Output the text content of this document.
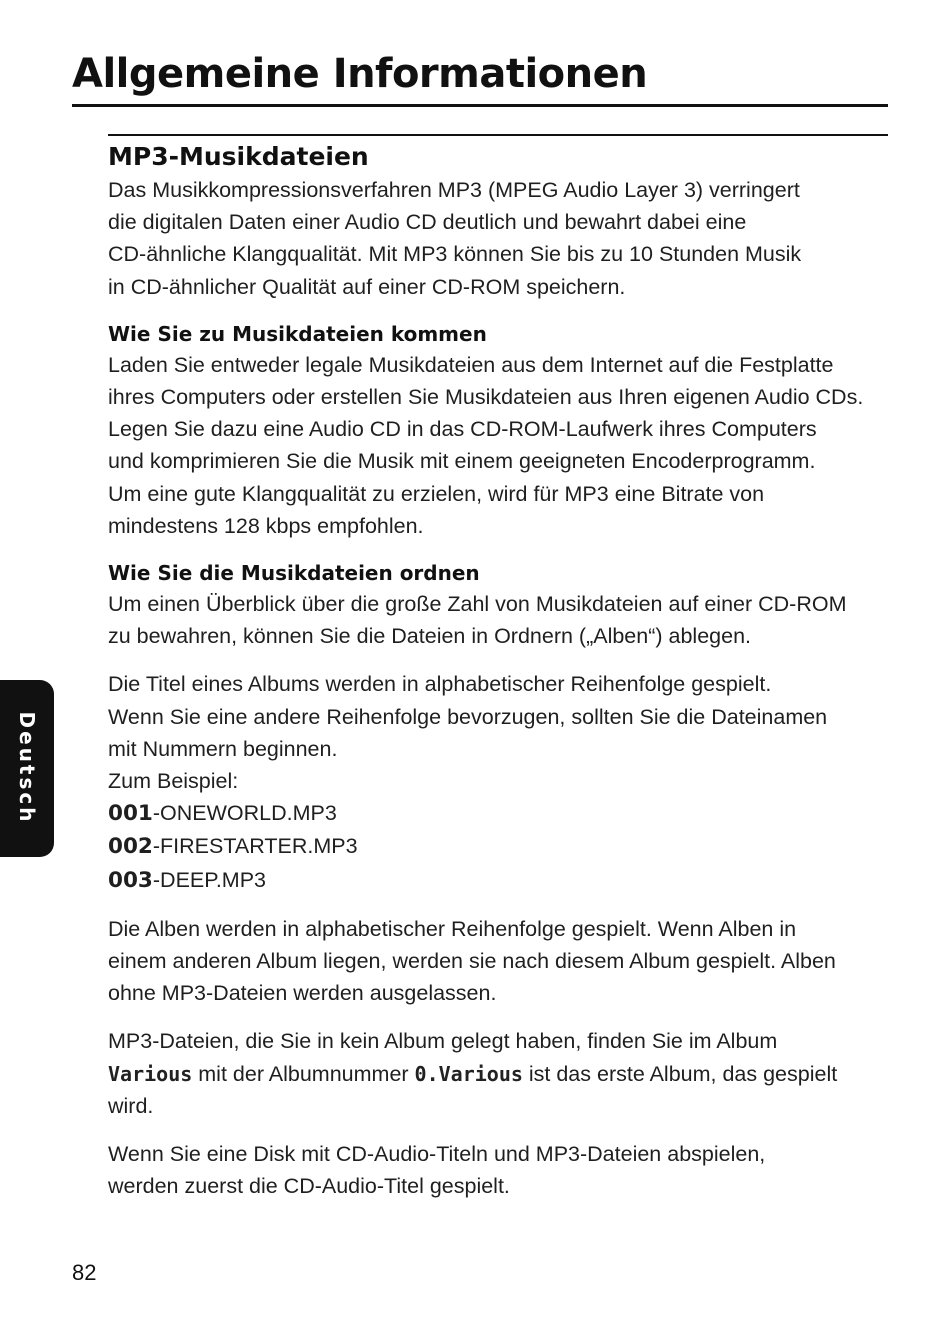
Allgemeine Informationen
MP3-Musikdateien

Das Musikkompressionsverfahren MP3 (MPEG Audio Layer 3) verringert
die digitalen Daten einer Audio CD deutlich und bewahrt dabei eine
CD-ähnliche Klangqualität. Mit MP3 können Sie bis zu 10 Stunden Musik
in CD-ähnlicher Qualität auf einer CD-ROM speichern.

Wie Sie zu Musikdateien kommen

Laden Sie entweder legale Musikdateien aus dem Internet auf die Festplatte
ihres Computers oder erstellen Sie Musikdateien aus Ihren eigenen Audio CDs.
Legen Sie dazu eine Audio CD in das CD-ROM-Laufwerk ihres Computers
und komprimieren Sie die Musik mit einem geeigneten Encoderprogramm.
Um eine gute Klangqualität zu erzielen, wird für MP3 eine Bitrate von
mindestens 128 kbps empfohlen.

Wie Sie die Musikdateien ordnen

Um einen Überblick über die große Zahl von Musikdateien auf einer CD-ROM
zu bewahren, können Sie die Dateien in Ordnern („Alben“) ablegen.

Die Titel eines Albums werden in alphabetischer Reihenfolge gespielt.
Wenn Sie eine andere Reihenfolge bevorzugen, sollten Sie die Dateinamen
mit Nummern beginnen.
Zum Beispiel:
001-ONEWORLD.MP3
002-FIRESTARTER.MP3
003-DEEP.MP3

Die Alben werden in alphabetischer Reihenfolge gespielt. Wenn Alben in
einem anderen Album liegen, werden sie nach diesem Album gespielt. Alben
ohne MP3-Dateien werden ausgelassen.

MP3-Dateien, die Sie in kein Album gelegt haben, finden Sie im Album
Various mit der Albumnummer 0.Various ist das erste Album, das gespielt
wird.

Wenn Sie eine Disk mit CD-Audio-Titeln und MP3-Dateien abspielen,
werden zuerst die CD-Audio-Titel gespielt.

Deutsch
82
